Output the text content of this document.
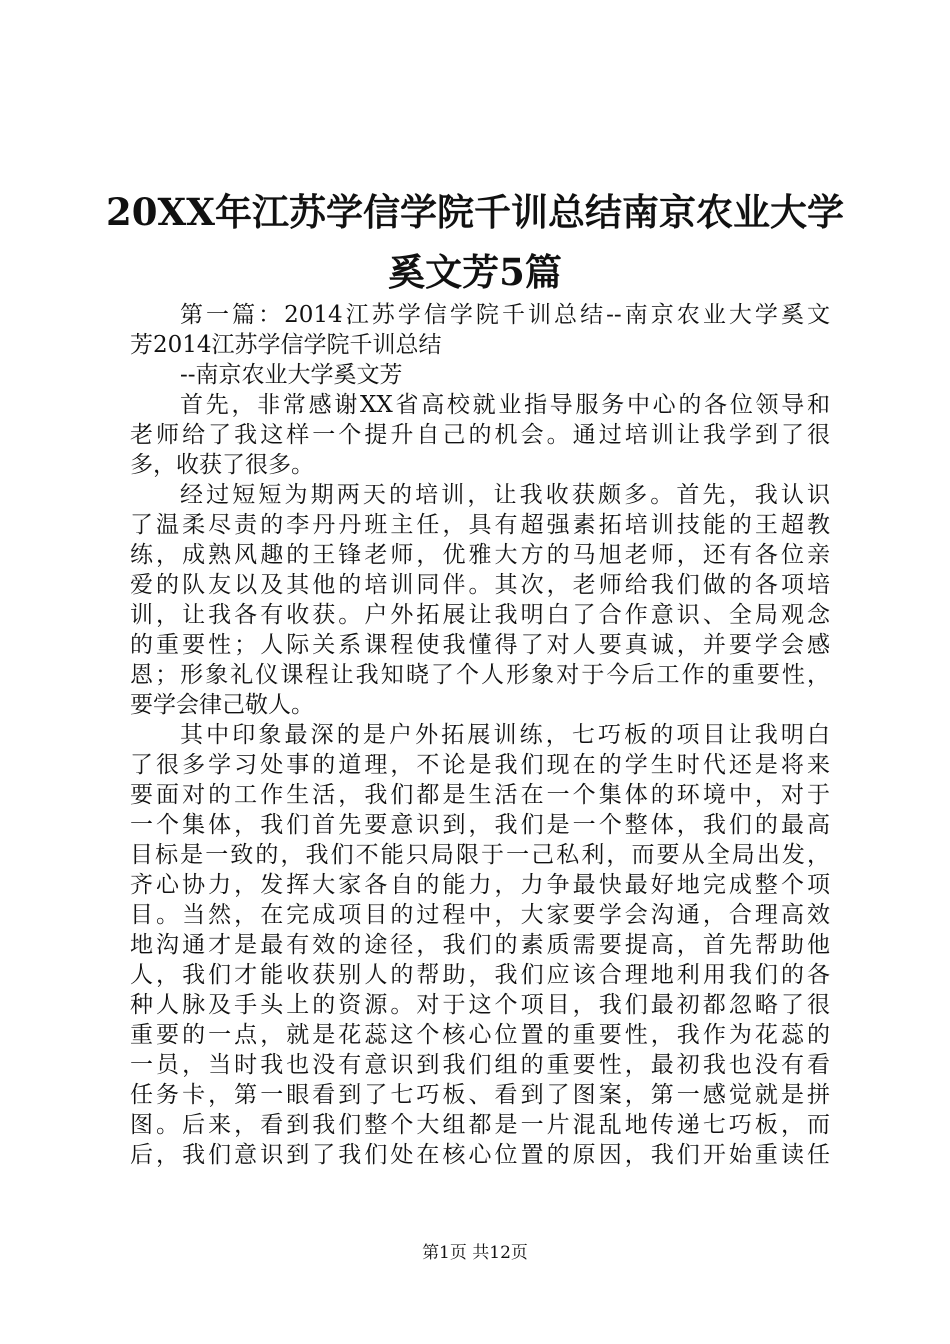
20XX年江苏学信学院千训总结南京农业大学
奚文芳5篇
第一篇：2014江苏学信学院千训总结--南京农业大学奚文
芳2014江苏学信学院千训总结
--南京农业大学奚文芳
首先，非常感谢XX省高校就业指导服务中心的各位领导和
老师给了我这样一个提升自己的机会。通过培训让我学到了很
多，收获了很多。
经过短短为期两天的培训，让我收获颇多。首先，我认识
了温柔尽责的李丹丹班主任，具有超强素拓培训技能的王超教
练，成熟风趣的王锋老师，优雅大方的马旭老师，还有各位亲
爱的队友以及其他的培训同伴。其次，老师给我们做的各项培
训，让我各有收获。户外拓展让我明白了合作意识、全局观念
的重要性；人际关系课程使我懂得了对人要真诚，并要学会感
恩；形象礼仪课程让我知晓了个人形象对于今后工作的重要性，
要学会律己敬人。
其中印象最深的是户外拓展训练，七巧板的项目让我明白
了很多学习处事的道理，不论是我们现在的学生时代还是将来
要面对的工作生活，我们都是生活在一个集体的环境中，对于
一个集体，我们首先要意识到，我们是一个整体，我们的最高
目标是一致的，我们不能只局限于一己私利，而要从全局出发，
齐心协力，发挥大家各自的能力，力争最快最好地完成整个项
目。当然，在完成项目的过程中，大家要学会沟通，合理高效
地沟通才是最有效的途径，我们的素质需要提高，首先帮助他
人，我们才能收获别人的帮助，我们应该合理地利用我们的各
种人脉及手头上的资源。对于这个项目，我们最初都忽略了很
重要的一点，就是花蕊这个核心位置的重要性，我作为花蕊的
一员，当时我也没有意识到我们组的重要性，最初我也没有看
任务卡，第一眼看到了七巧板、看到了图案，第一感觉就是拼
图。后来，看到我们整个大组都是一片混乱地传递七巧板，而
后，我们意识到了我们处在核心位置的原因，我们开始重读任
第1页 共12页
